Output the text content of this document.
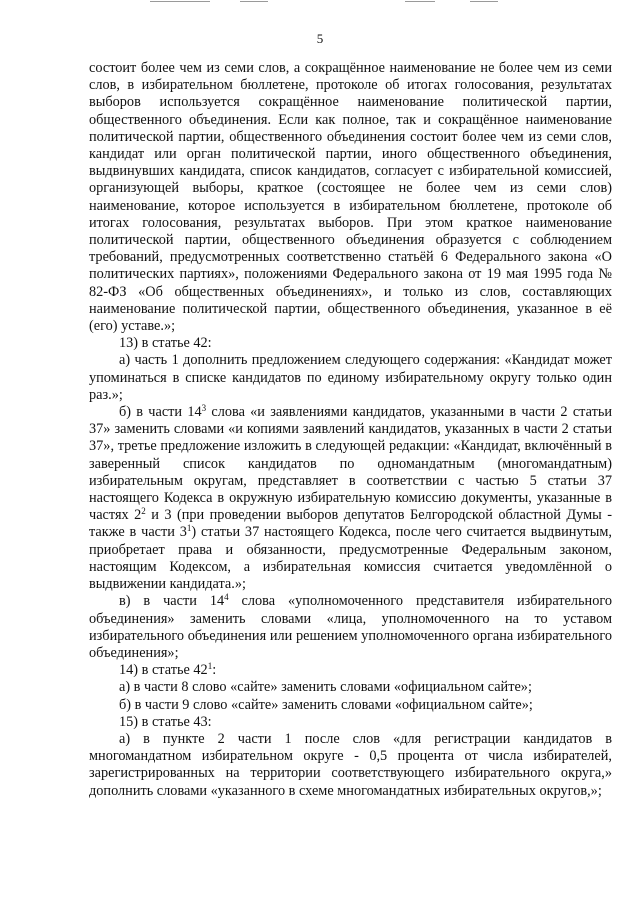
5

состоит более чем из семи слов, а сокращённое наименование не более чем из семи слов, в избирательном бюллетене, протоколе об итогах голосования, результатах выборов используется сокращённое наименование политической партии, общественного объединения. Если как полное, так и сокращённое наименование политической партии, общественного объединения состоит более чем из семи слов, кандидат или орган политической партии, иного общественного объединения, выдвинувших кандидата, список кандидатов, согласует с избирательной комиссией, организующей выборы, краткое (состоящее не более чем из семи слов) наименование, которое используется в избирательном бюллетене, протоколе об итогах голосования, результатах выборов. При этом краткое наименование политической партии, общественного объединения образуется с соблюдением требований, предусмотренных соответственно статьёй 6 Федерального закона «О политических партиях», положениями Федерального закона от 19 мая 1995 года № 82-ФЗ «Об общественных объединениях», и только из слов, составляющих наименование политической партии, общественного объединения, указанное в её (его) уставе.»;

13) в статье 42:

а) часть 1 дополнить предложением следующего содержания: «Кандидат может упоминаться в списке кандидатов по единому избирательному округу только один раз.»;

б) в части $14^3$ слова «и заявлениями кандидатов, указанными в части 2 статьи 37» заменить словами «и копиями заявлений кандидатов, указанных в части 2 статьи 37», третье предложение изложить в следующей редакции: «Кандидат, включённый в заверенный список кандидатов по одномандатным (многомандатным) избирательным округам, представляет в соответствии с частью 5 статьи 37 настоящего Кодекса в окружную избирательную комиссию документы, указанные в частях $2^2$ и 3 (при проведении выборов депутатов Белгородской областной Думы - также в части $3^1$) статьи 37 настоящего Кодекса, после чего считается выдвинутым, приобретает права и обязанности, предусмотренные Федеральным законом, настоящим Кодексом, а избирательная комиссия считается уведомлённой о выдвижении кандидата.»;

в) в части $14^4$ слова «уполномоченного представителя избирательного объединения» заменить словами «лица, уполномоченного на то уставом избирательного объединения или решением уполномоченного органа избирательного объединения»;

14) в статье $42^1$:

а) в части 8 слово «сайте» заменить словами «официальном сайте»;

б) в части 9 слово «сайте» заменить словами «официальном сайте»;

15) в статье 43:

а) в пункте 2 части 1 после слов «для регистрации кандидатов в многомандатном избирательном округе - 0,5 процента от числа избирателей, зарегистрированных на территории соответствующего избирательного округа,» дополнить словами «указанного в схеме многомандатных избирательных округов,»;
